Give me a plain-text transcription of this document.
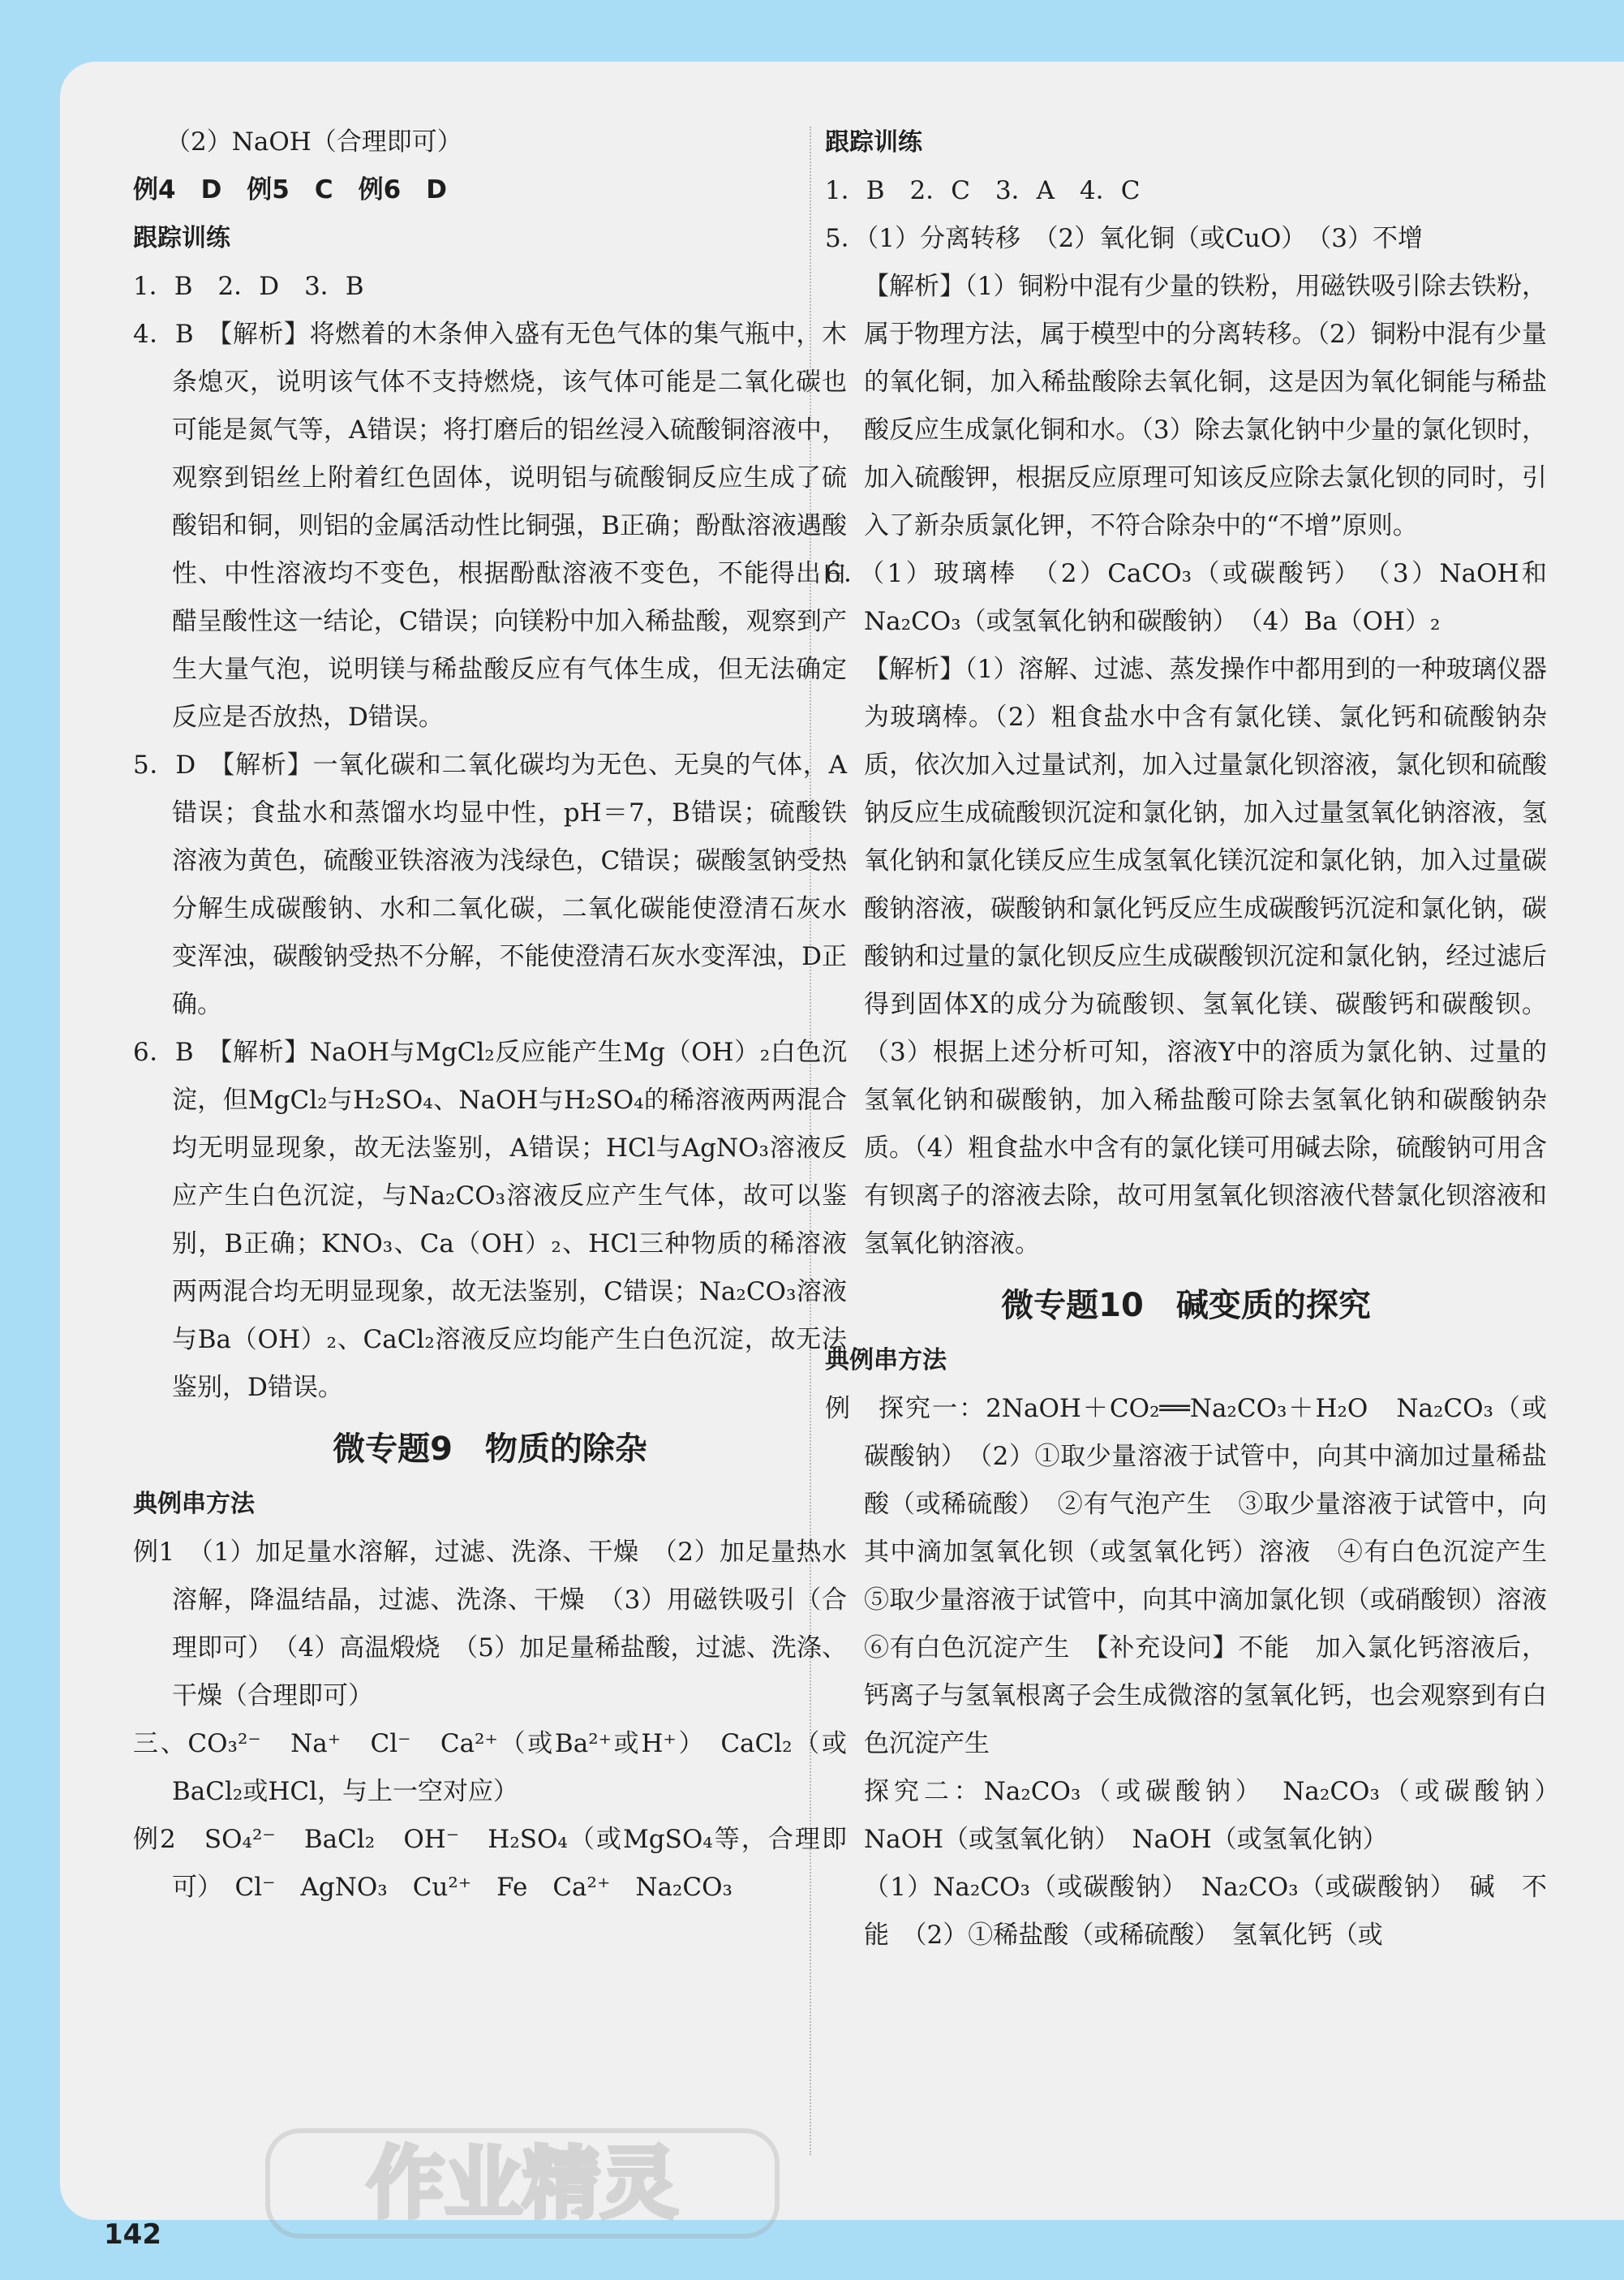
（2）NaOH（合理即可）

例4　D　例5　C　例6　D

跟踪训练

1．B　2．D　3．B

4．B　【解析】将燃着的木条伸入盛有无色气体的集气瓶中，木条熄灭，说明该气体不支持燃烧，该气体可能是二氧化碳也可能是氮气等，A错误；将打磨后的铝丝浸入硫酸铜溶液中，观察到铝丝上附着红色固体，说明铝与硫酸铜反应生成了硫酸铝和铜，则铝的金属活动性比铜强，B正确；酚酞溶液遇酸性、中性溶液均不变色，根据酚酞溶液不变色，不能得出白醋呈酸性这一结论，C错误；向镁粉中加入稀盐酸，观察到产生大量气泡，说明镁与稀盐酸反应有气体生成，但无法确定反应是否放热，D错误。

5．D　【解析】一氧化碳和二氧化碳均为无色、无臭的气体，A错误；食盐水和蒸馏水均显中性，pH＝7，B错误；硫酸铁溶液为黄色，硫酸亚铁溶液为浅绿色，C错误；碳酸氢钠受热分解生成碳酸钠、水和二氧化碳，二氧化碳能使澄清石灰水变浑浊，碳酸钠受热不分解，不能使澄清石灰水变浑浊，D正确。

6．B　【解析】NaOH与MgCl₂反应能产生Mg（OH）₂白色沉淀，但MgCl₂与H₂SO₄、NaOH与H₂SO₄的稀溶液两两混合均无明显现象，故无法鉴别，A错误；HCl与AgNO₃溶液反应产生白色沉淀，与Na₂CO₃溶液反应产生气体，故可以鉴别，B正确；KNO₃、Ca（OH）₂、HCl三种物质的稀溶液两两混合均无明显现象，故无法鉴别，C错误；Na₂CO₃溶液与Ba（OH）₂、CaCl₂溶液反应均能产生白色沉淀，故无法鉴别，D错误。

微专题9　物质的除杂

典例串方法

例1　（1）加足量水溶解，过滤、洗涤、干燥　（2）加足量热水溶解，降温结晶，过滤、洗涤、干燥　（3）用磁铁吸引（合理即可）　（4）高温煅烧　（5）加足量稀盐酸，过滤、洗涤、干燥（合理即可）

三、CO₃²⁻　Na⁺　Cl⁻　Ca²⁺（或Ba²⁺或H⁺）　CaCl₂（或BaCl₂或HCl，与上一空对应）

例2　SO₄²⁻　BaCl₂　OH⁻　H₂SO₄（或MgSO₄等，合理即可）　Cl⁻　AgNO₃　Cu²⁺　Fe　Ca²⁺　Na₂CO₃

跟踪训练

1．B　2．C　3．A　4．C

5．（1）分离转移　（2）氧化铜（或CuO）　（3）不增

【解析】（1）铜粉中混有少量的铁粉，用磁铁吸引除去铁粉，属于物理方法，属于模型中的分离转移。（2）铜粉中混有少量的氧化铜，加入稀盐酸除去氧化铜，这是因为氧化铜能与稀盐酸反应生成氯化铜和水。（3）除去氯化钠中少量的氯化钡时，加入硫酸钾，根据反应原理可知该反应除去氯化钡的同时，引入了新杂质氯化钾，不符合除杂中的“不增”原则。

6．（1）玻璃棒　（2）CaCO₃（或碳酸钙）　（3）NaOH和Na₂CO₃（或氢氧化钠和碳酸钠）　（4）Ba（OH）₂

【解析】（1）溶解、过滤、蒸发操作中都用到的一种玻璃仪器为玻璃棒。（2）粗食盐水中含有氯化镁、氯化钙和硫酸钠杂质，依次加入过量试剂，加入过量氯化钡溶液，氯化钡和硫酸钠反应生成硫酸钡沉淀和氯化钠，加入过量氢氧化钠溶液，氢氧化钠和氯化镁反应生成氢氧化镁沉淀和氯化钠，加入过量碳酸钠溶液，碳酸钠和氯化钙反应生成碳酸钙沉淀和氯化钠，碳酸钠和过量的氯化钡反应生成碳酸钡沉淀和氯化钠，经过滤后得到固体X的成分为硫酸钡、氢氧化镁、碳酸钙和碳酸钡。（3）根据上述分析可知，溶液Y中的溶质为氯化钠、过量的氢氧化钠和碳酸钠，加入稀盐酸可除去氢氧化钠和碳酸钠杂质。（4）粗食盐水中含有的氯化镁可用碱去除，硫酸钠可用含有钡离子的溶液去除，故可用氢氧化钡溶液代替氯化钡溶液和氢氧化钠溶液。

微专题10　碱变质的探究

典例串方法

例　探究一：2NaOH＋CO₂══Na₂CO₃＋H₂O　Na₂CO₃（或碳酸钠）　（2）①取少量溶液于试管中，向其中滴加过量稀盐酸（或稀硫酸）　②有气泡产生　③取少量溶液于试管中，向其中滴加氢氧化钡（或氢氧化钙）溶液　④有白色沉淀产生　⑤取少量溶液于试管中，向其中滴加氯化钡（或硝酸钡）溶液　⑥有白色沉淀产生　【补充设问】不能　加入氯化钙溶液后，钙离子与氢氧根离子会生成微溶的氢氧化钙，也会观察到有白色沉淀产生

探究二：Na₂CO₃（或碳酸钠）　Na₂CO₃（或碳酸钠）　NaOH（或氢氧化钠）　NaOH（或氢氧化钠）

（1）Na₂CO₃（或碳酸钠）　Na₂CO₃（或碳酸钠）　碱　不能　（2）①稀盐酸（或稀硫酸）　氢氧化钙（或

142
作业精灵
